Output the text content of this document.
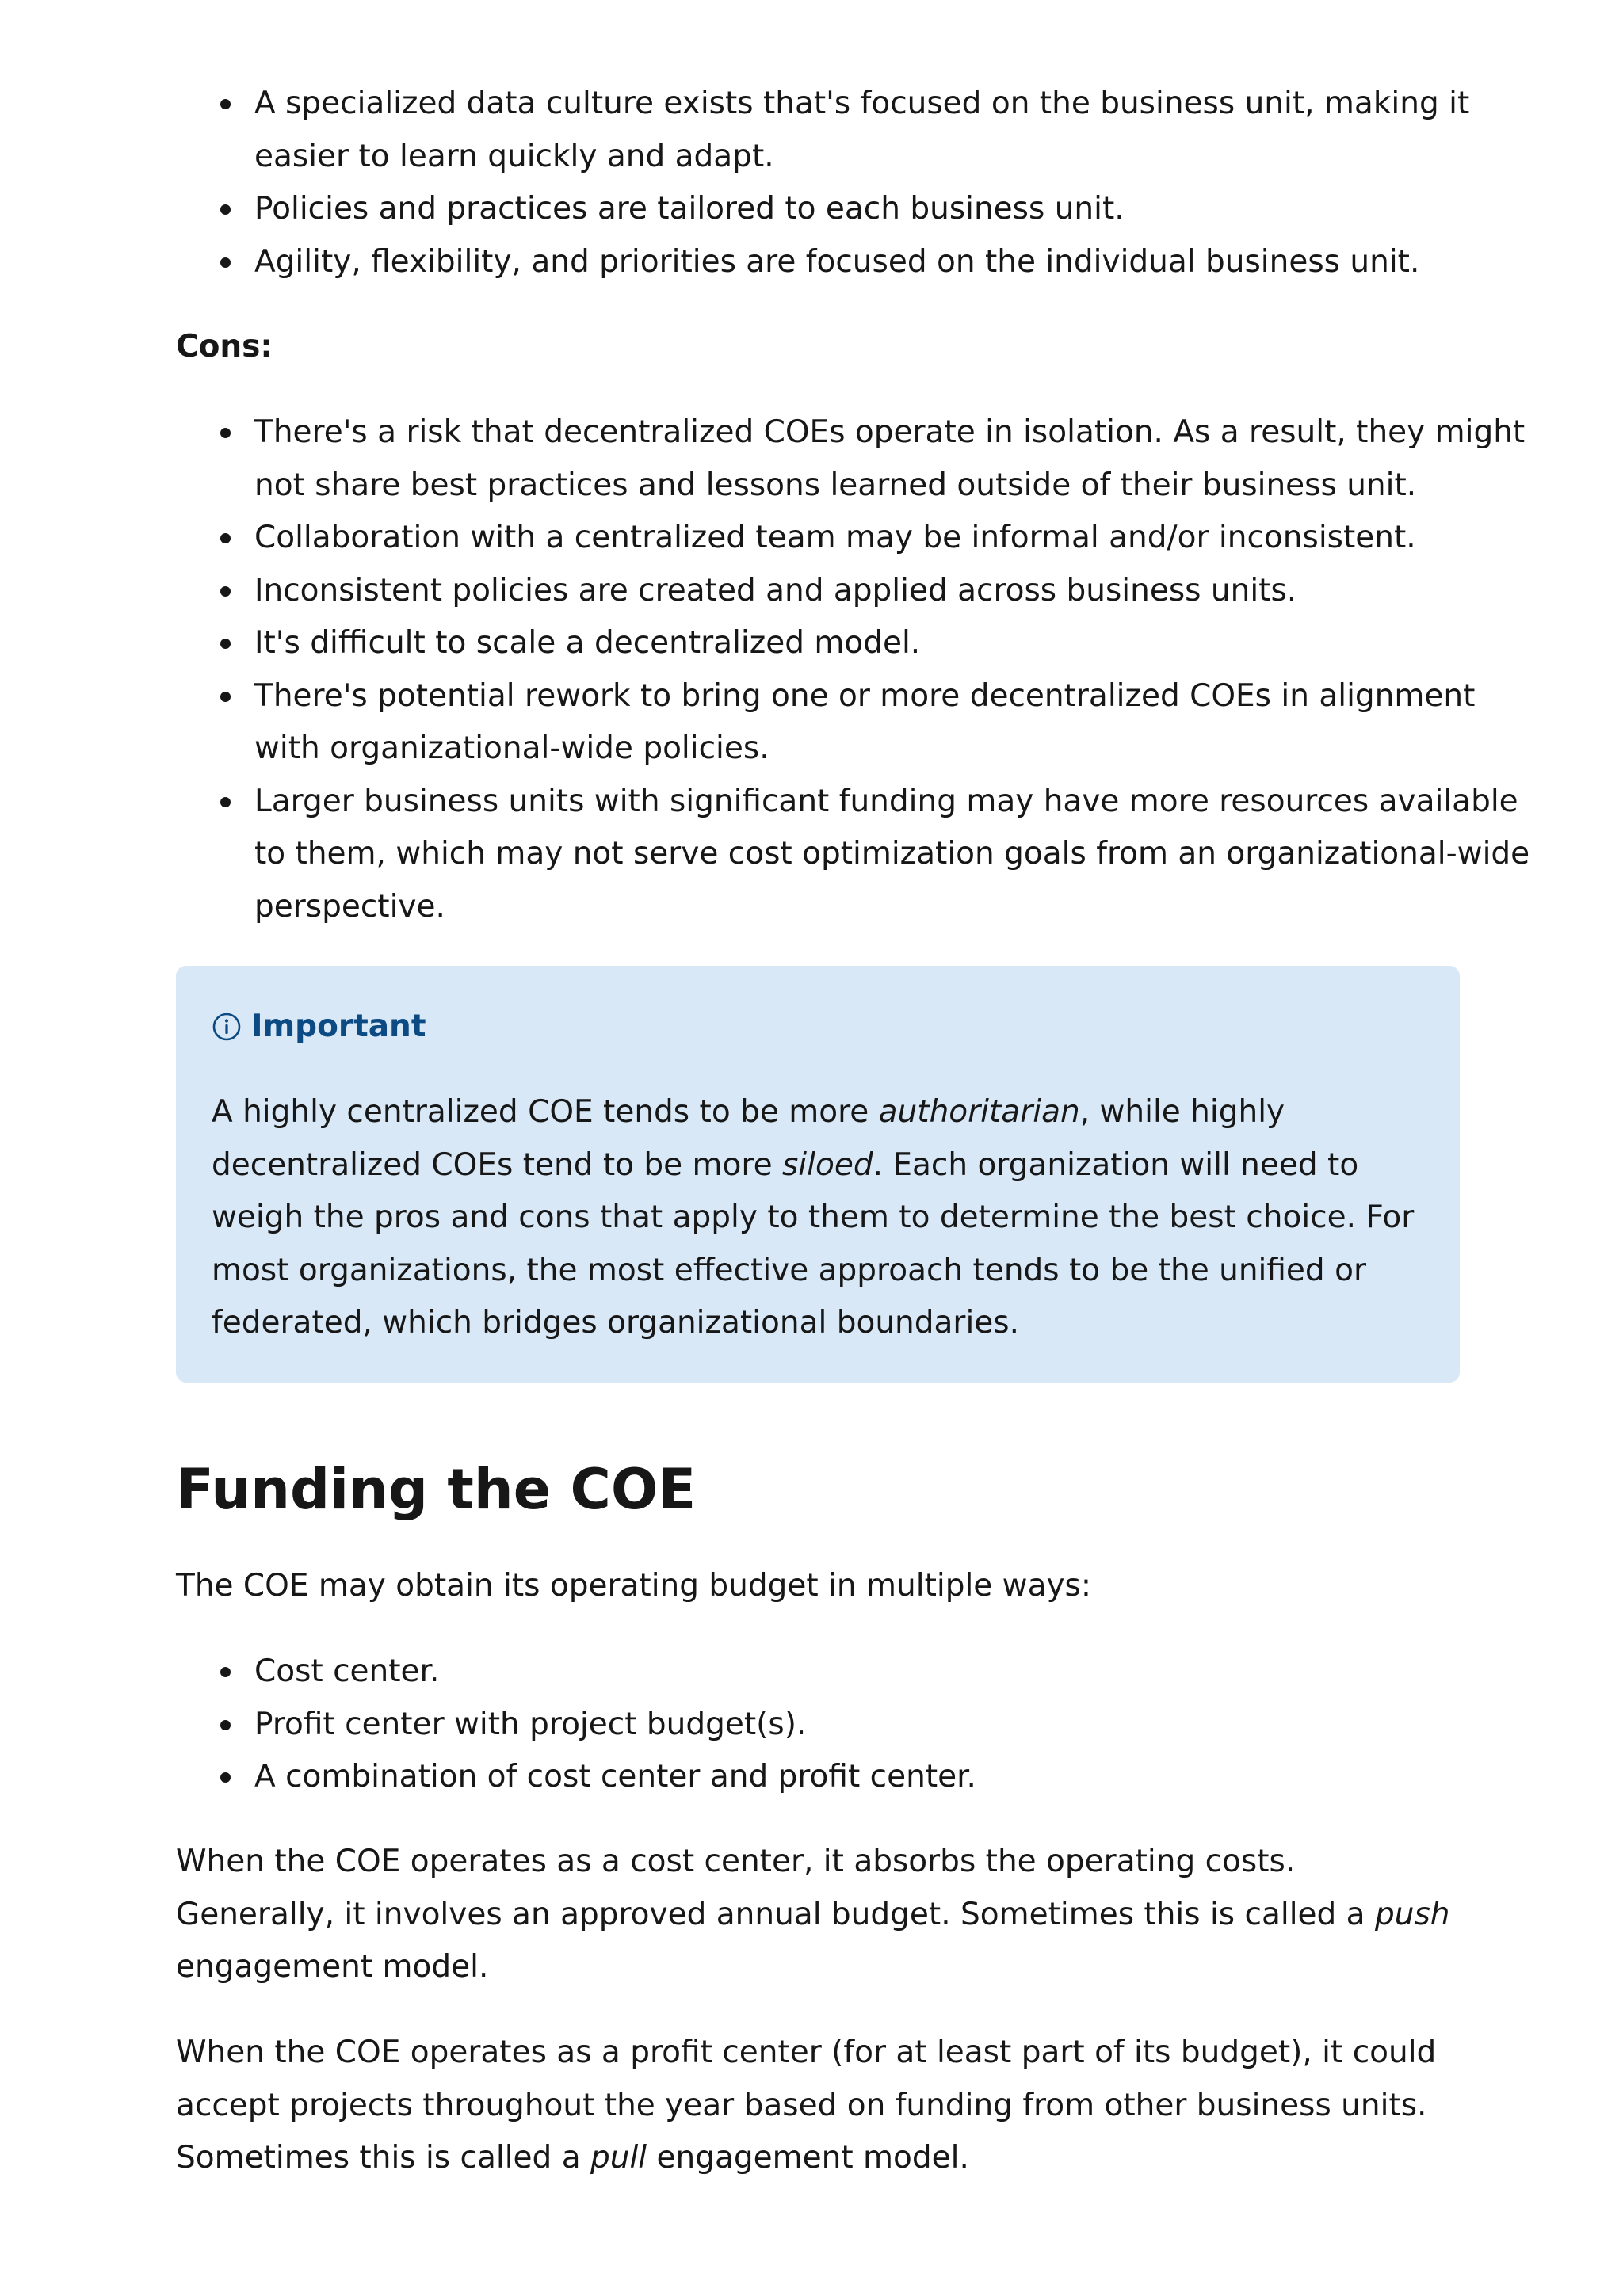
A specialized data culture exists that's focused on the business unit, making it easier to learn quickly and adapt.
Policies and practices are tailored to each business unit.
Agility, flexibility, and priorities are focused on the individual business unit.

Cons:

There's a risk that decentralized COEs operate in isolation. As a result, they might not share best practices and lessons learned outside of their business unit.
Collaboration with a centralized team may be informal and/or inconsistent.
Inconsistent policies are created and applied across business units.
It's difficult to scale a decentralized model.
There's potential rework to bring one or more decentralized COEs in alignment with organizational-wide policies.
Larger business units with significant funding may have more resources available to them, which may not serve cost optimization goals from an organizational-wide perspective.
Important

A highly centralized COE tends to be more authoritarian, while highly decentralized COEs tend to be more siloed. Each organization will need to weigh the pros and cons that apply to them to determine the best choice. For most organizations, the most effective approach tends to be the unified or federated, which bridges organizational boundaries.

Funding the COE

The COE may obtain its operating budget in multiple ways:

Cost center.
Profit center with project budget(s).
A combination of cost center and profit center.

When the COE operates as a cost center, it absorbs the operating costs. Generally, it involves an approved annual budget. Sometimes this is called a push engagement model.

When the COE operates as a profit center (for at least part of its budget), it could accept projects throughout the year based on funding from other business units. Sometimes this is called a pull engagement model.
